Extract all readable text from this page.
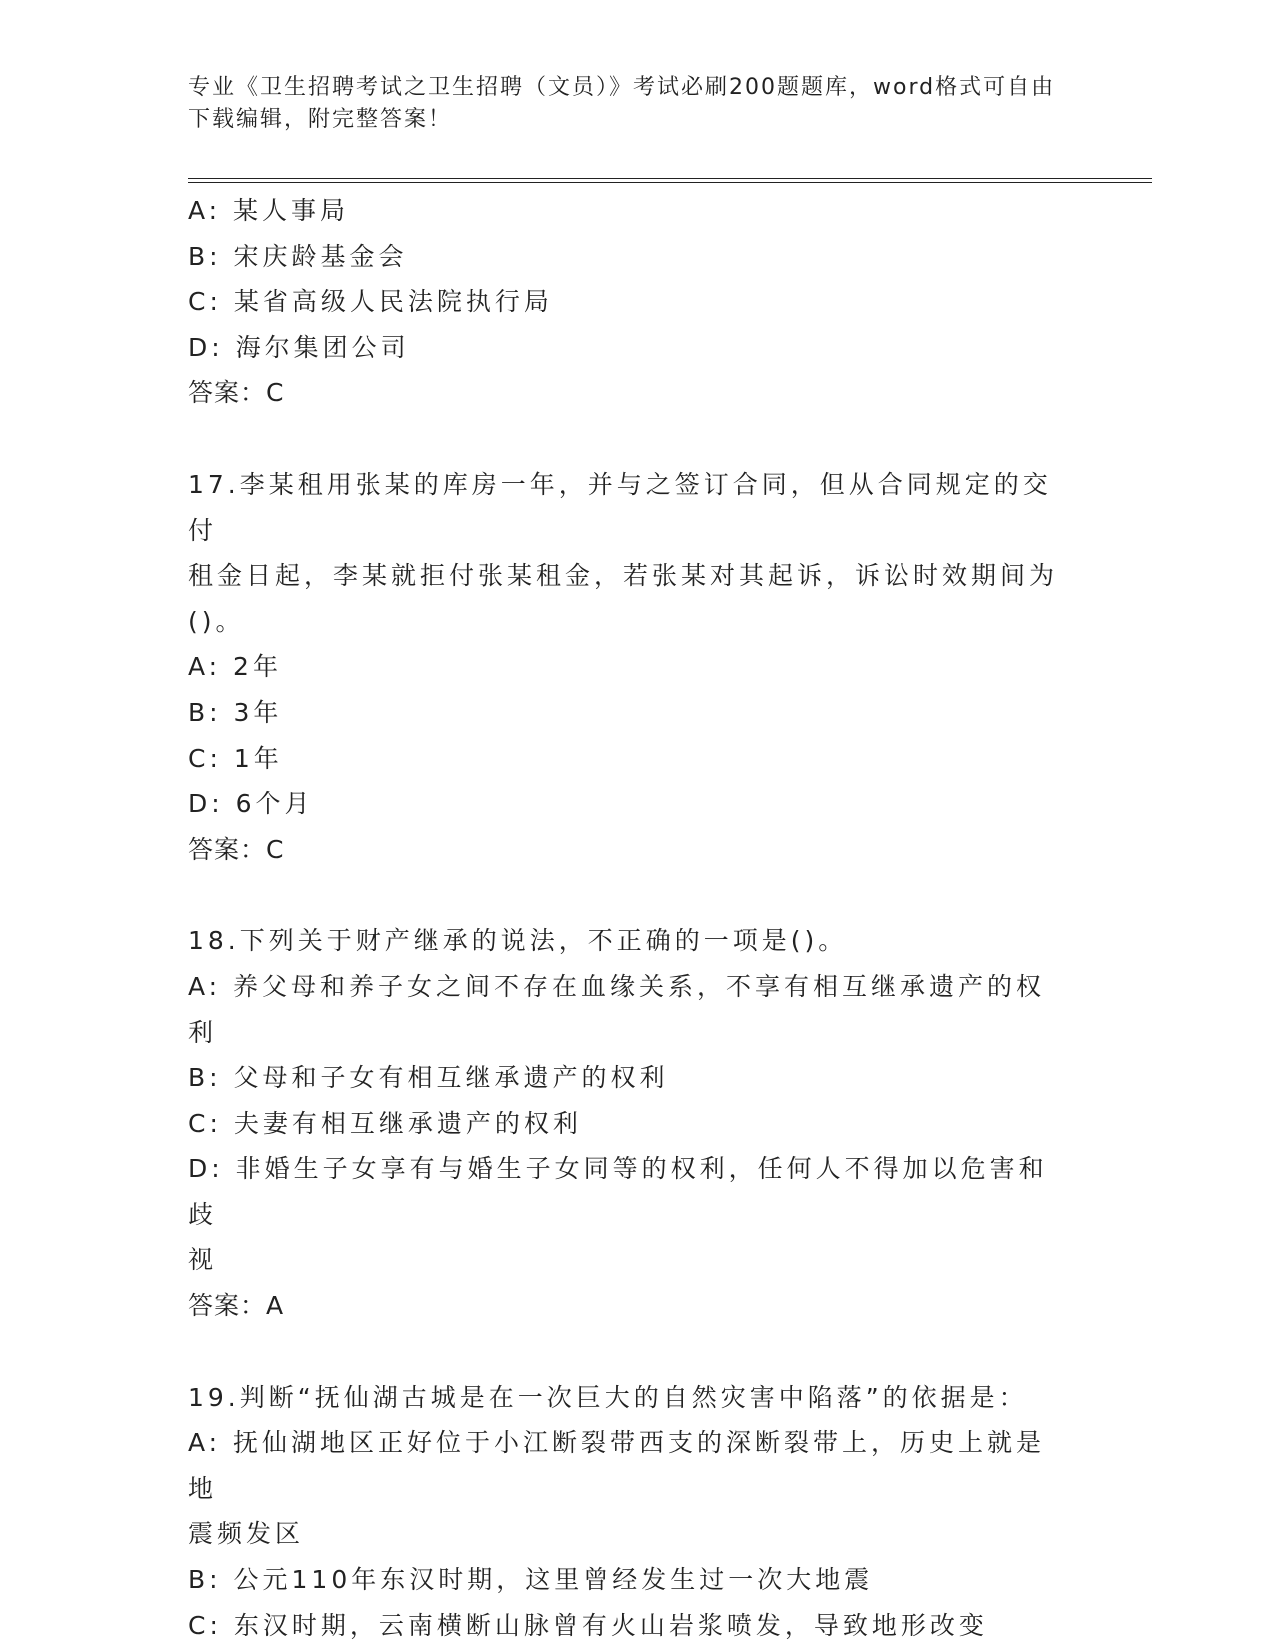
专业《卫生招聘考试之卫生招聘（文员）》考试必刷200题题库，word格式可自由下载编辑，附完整答案！
A: 某人事局
B: 宋庆龄基金会
C: 某省高级人民法院执行局
D: 海尔集团公司
答案：C
17.李某租用张某的库房一年，并与之签订合同，但从合同规定的交付
租金日起，李某就拒付张某租金，若张某对其起诉，诉讼时效期间为
()。
A: 2年
B: 3年
C: 1年
D: 6个月
答案：C
18.下列关于财产继承的说法，不正确的一项是()。
A: 养父母和养子女之间不存在血缘关系，不享有相互继承遗产的权利
B: 父母和子女有相互继承遗产的权利
C: 夫妻有相互继承遗产的权利
D: 非婚生子女享有与婚生子女同等的权利，任何人不得加以危害和歧
视
答案：A
19.判断“抚仙湖古城是在一次巨大的自然灾害中陷落”的依据是：
A: 抚仙湖地区正好位于小江断裂带西支的深断裂带上，历史上就是地
震频发区
B: 公元110年东汉时期，这里曾经发生过一次大地震
C: 东汉时期，云南横断山脉曾有火山岩浆喷发，导致地形改变
